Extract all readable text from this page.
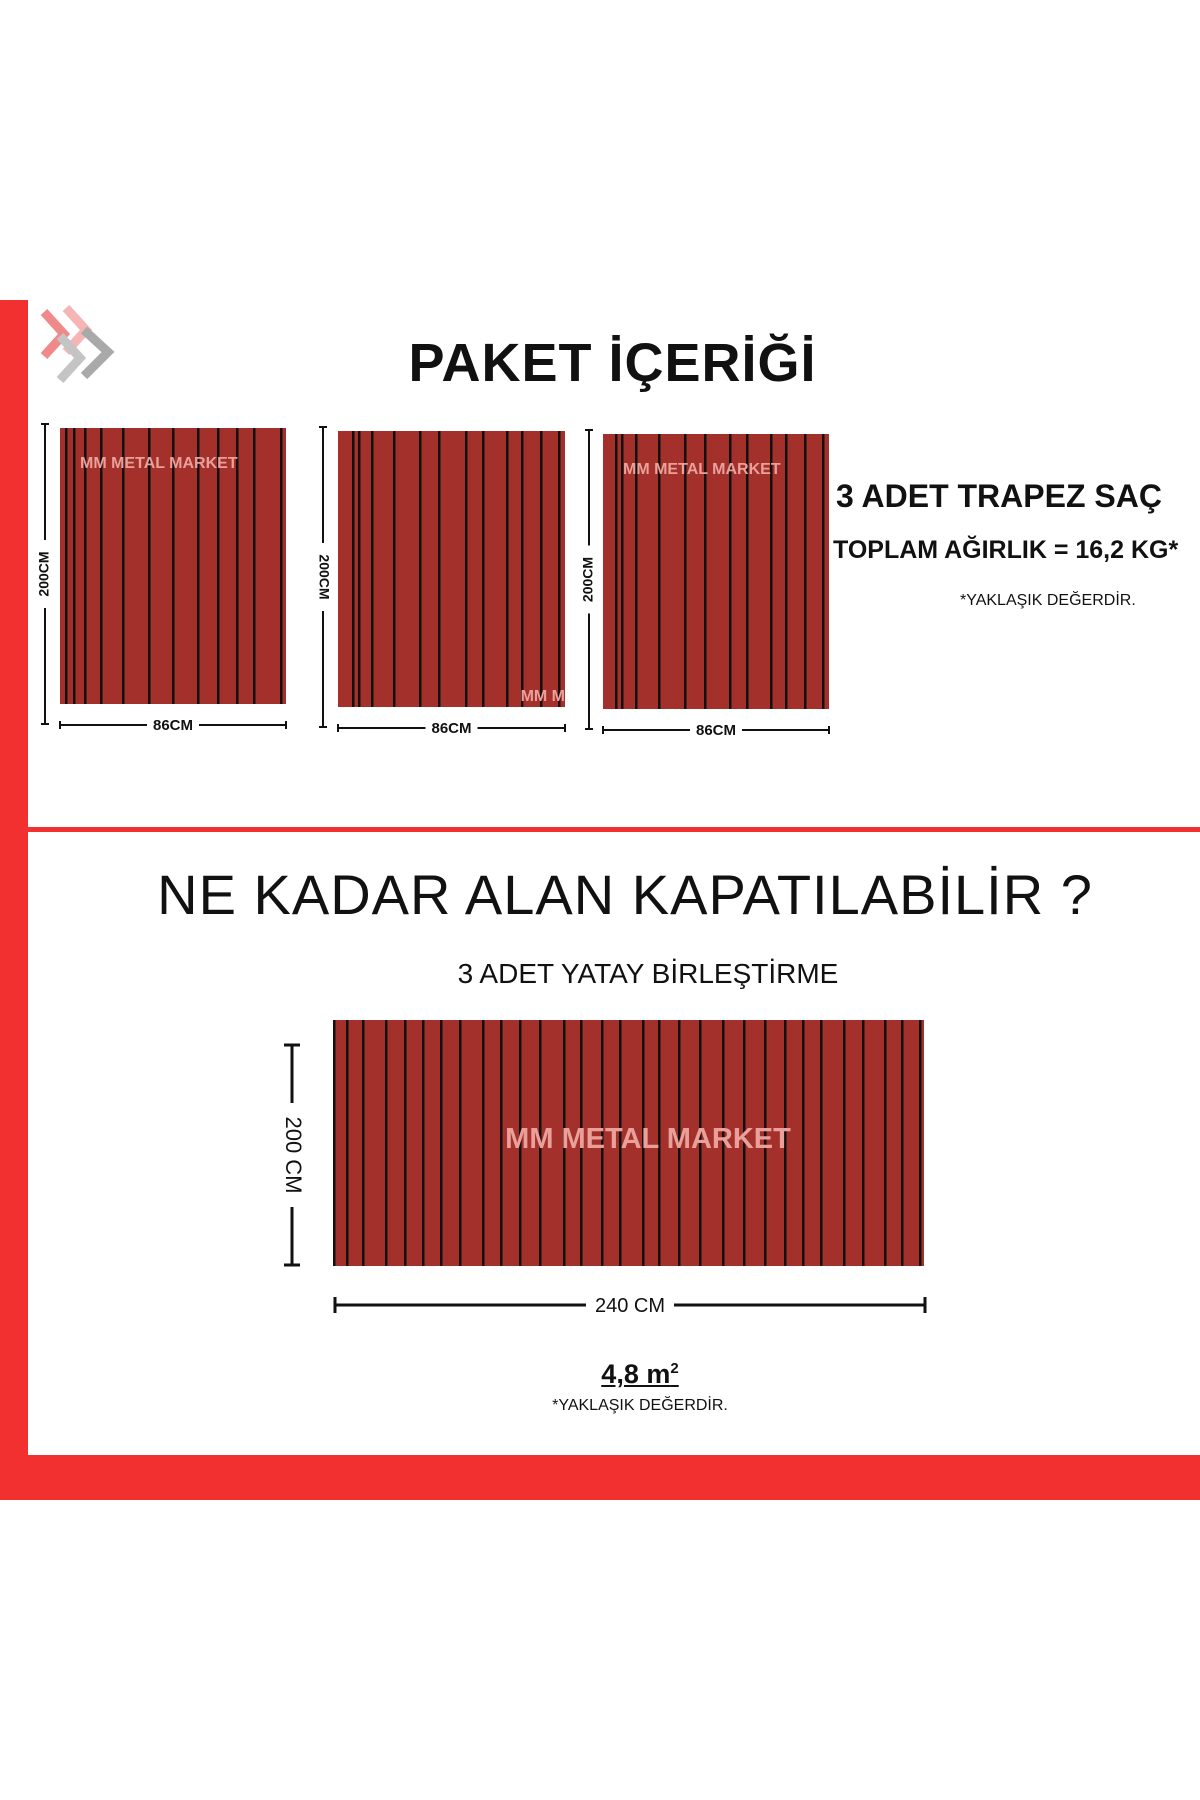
PAKET İÇERİĞİ
MM METAL MARKET
200CM
86CM
MM M
200CM
86CM
MM METAL MARKET
200CM
86CM
3 ADET TRAPEZ SAÇ
TOPLAM AĞIRLIK = 16,2 KG*
*YAKLAŞIK DEĞERDİR.
NE KADAR ALAN KAPATILABİLİR ?
3 ADET YATAY BİRLEŞTİRME
MM METAL MARKET
200 CM
240 CM
4,8 $m^2$
*YAKLAŞIK DEĞERDİR.
